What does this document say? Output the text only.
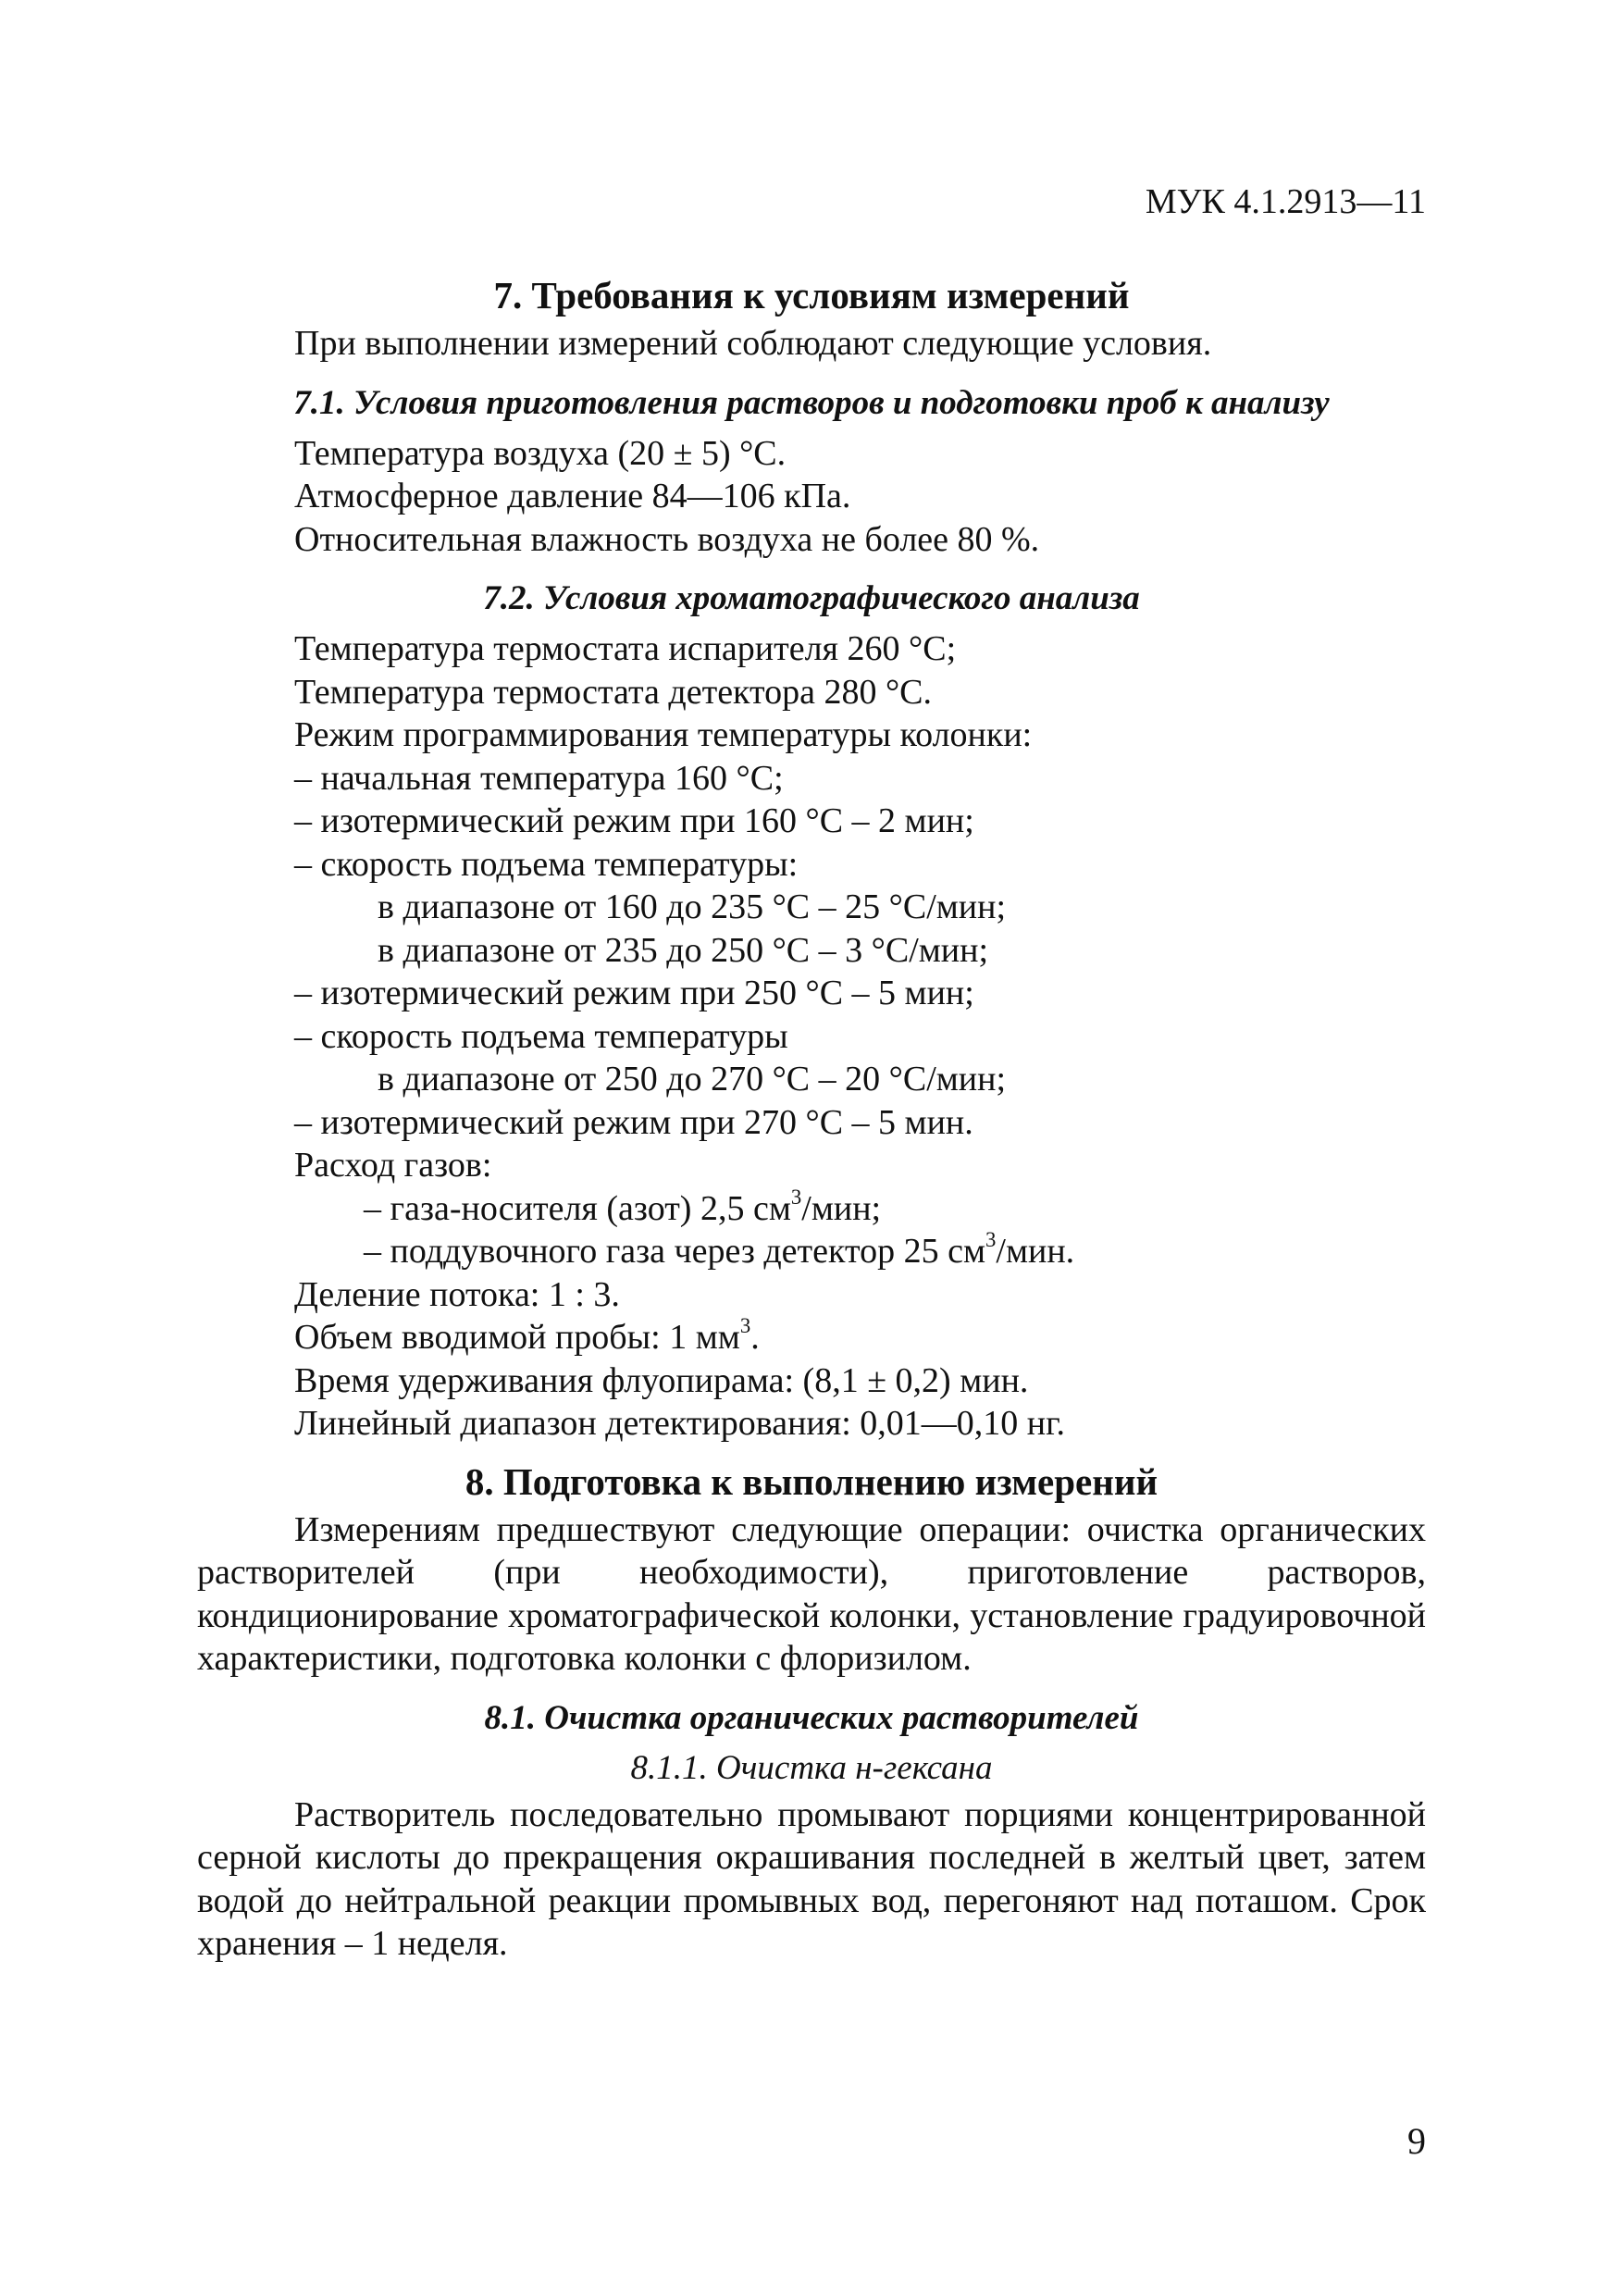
МУК 4.1.2913—11
7. Требования к условиям измерений
При выполнении измерений соблюдают следующие условия.
7.1. Условия приготовления растворов и подготовки проб к анализу
Температура воздуха (20 ± 5) °С.
Атмосферное давление 84—106 кПа.
Относительная влажность воздуха не более 80 %.
7.2. Условия хроматографического анализа
Температура термостата испарителя 260 °С;
Температура термостата детектора 280 °С.
Режим программирования температуры колонки:
– начальная температура 160 °С;
– изотермический режим при 160 °С – 2 мин;
– скорость подъема температуры:
в диапазоне от 160 до 235 °С – 25 °С/мин;
в диапазоне от 235 до 250 °С – 3 °С/мин;
– изотермический режим при 250 °С – 5 мин;
– скорость подъема температуры
в диапазоне от 250 до 270 °С – 20 °С/мин;
– изотермический режим при 270 °С – 5 мин.
Расход газов:
– газа-носителя (азот) 2,5 $см^3$/мин;
– поддувочного газа через детектор 25 $см^3$/мин.
Деление потока: 1 : 3.
Объем вводимой пробы: 1 $мм^3$.
Время удерживания флуопирама: (8,1 ± 0,2) мин.
Линейный диапазон детектирования: 0,01—0,10 нг.
8. Подготовка к выполнению измерений

Измерениям предшествуют следующие операции: очистка органических растворителей (при необходимости), приготовление растворов, кондиционирование хроматографической колонки, установление градуировочной характеристики, подготовка колонки с флоризилом.

8.1. Очистка органических растворителей
8.1.1. Очистка н-гексана

Растворитель последовательно промывают порциями концентрированной серной кислоты до прекращения окрашивания последней в желтый цвет, затем водой до нейтральной реакции промывных вод, перегоняют над поташом. Срок хранения – 1 неделя.

9
